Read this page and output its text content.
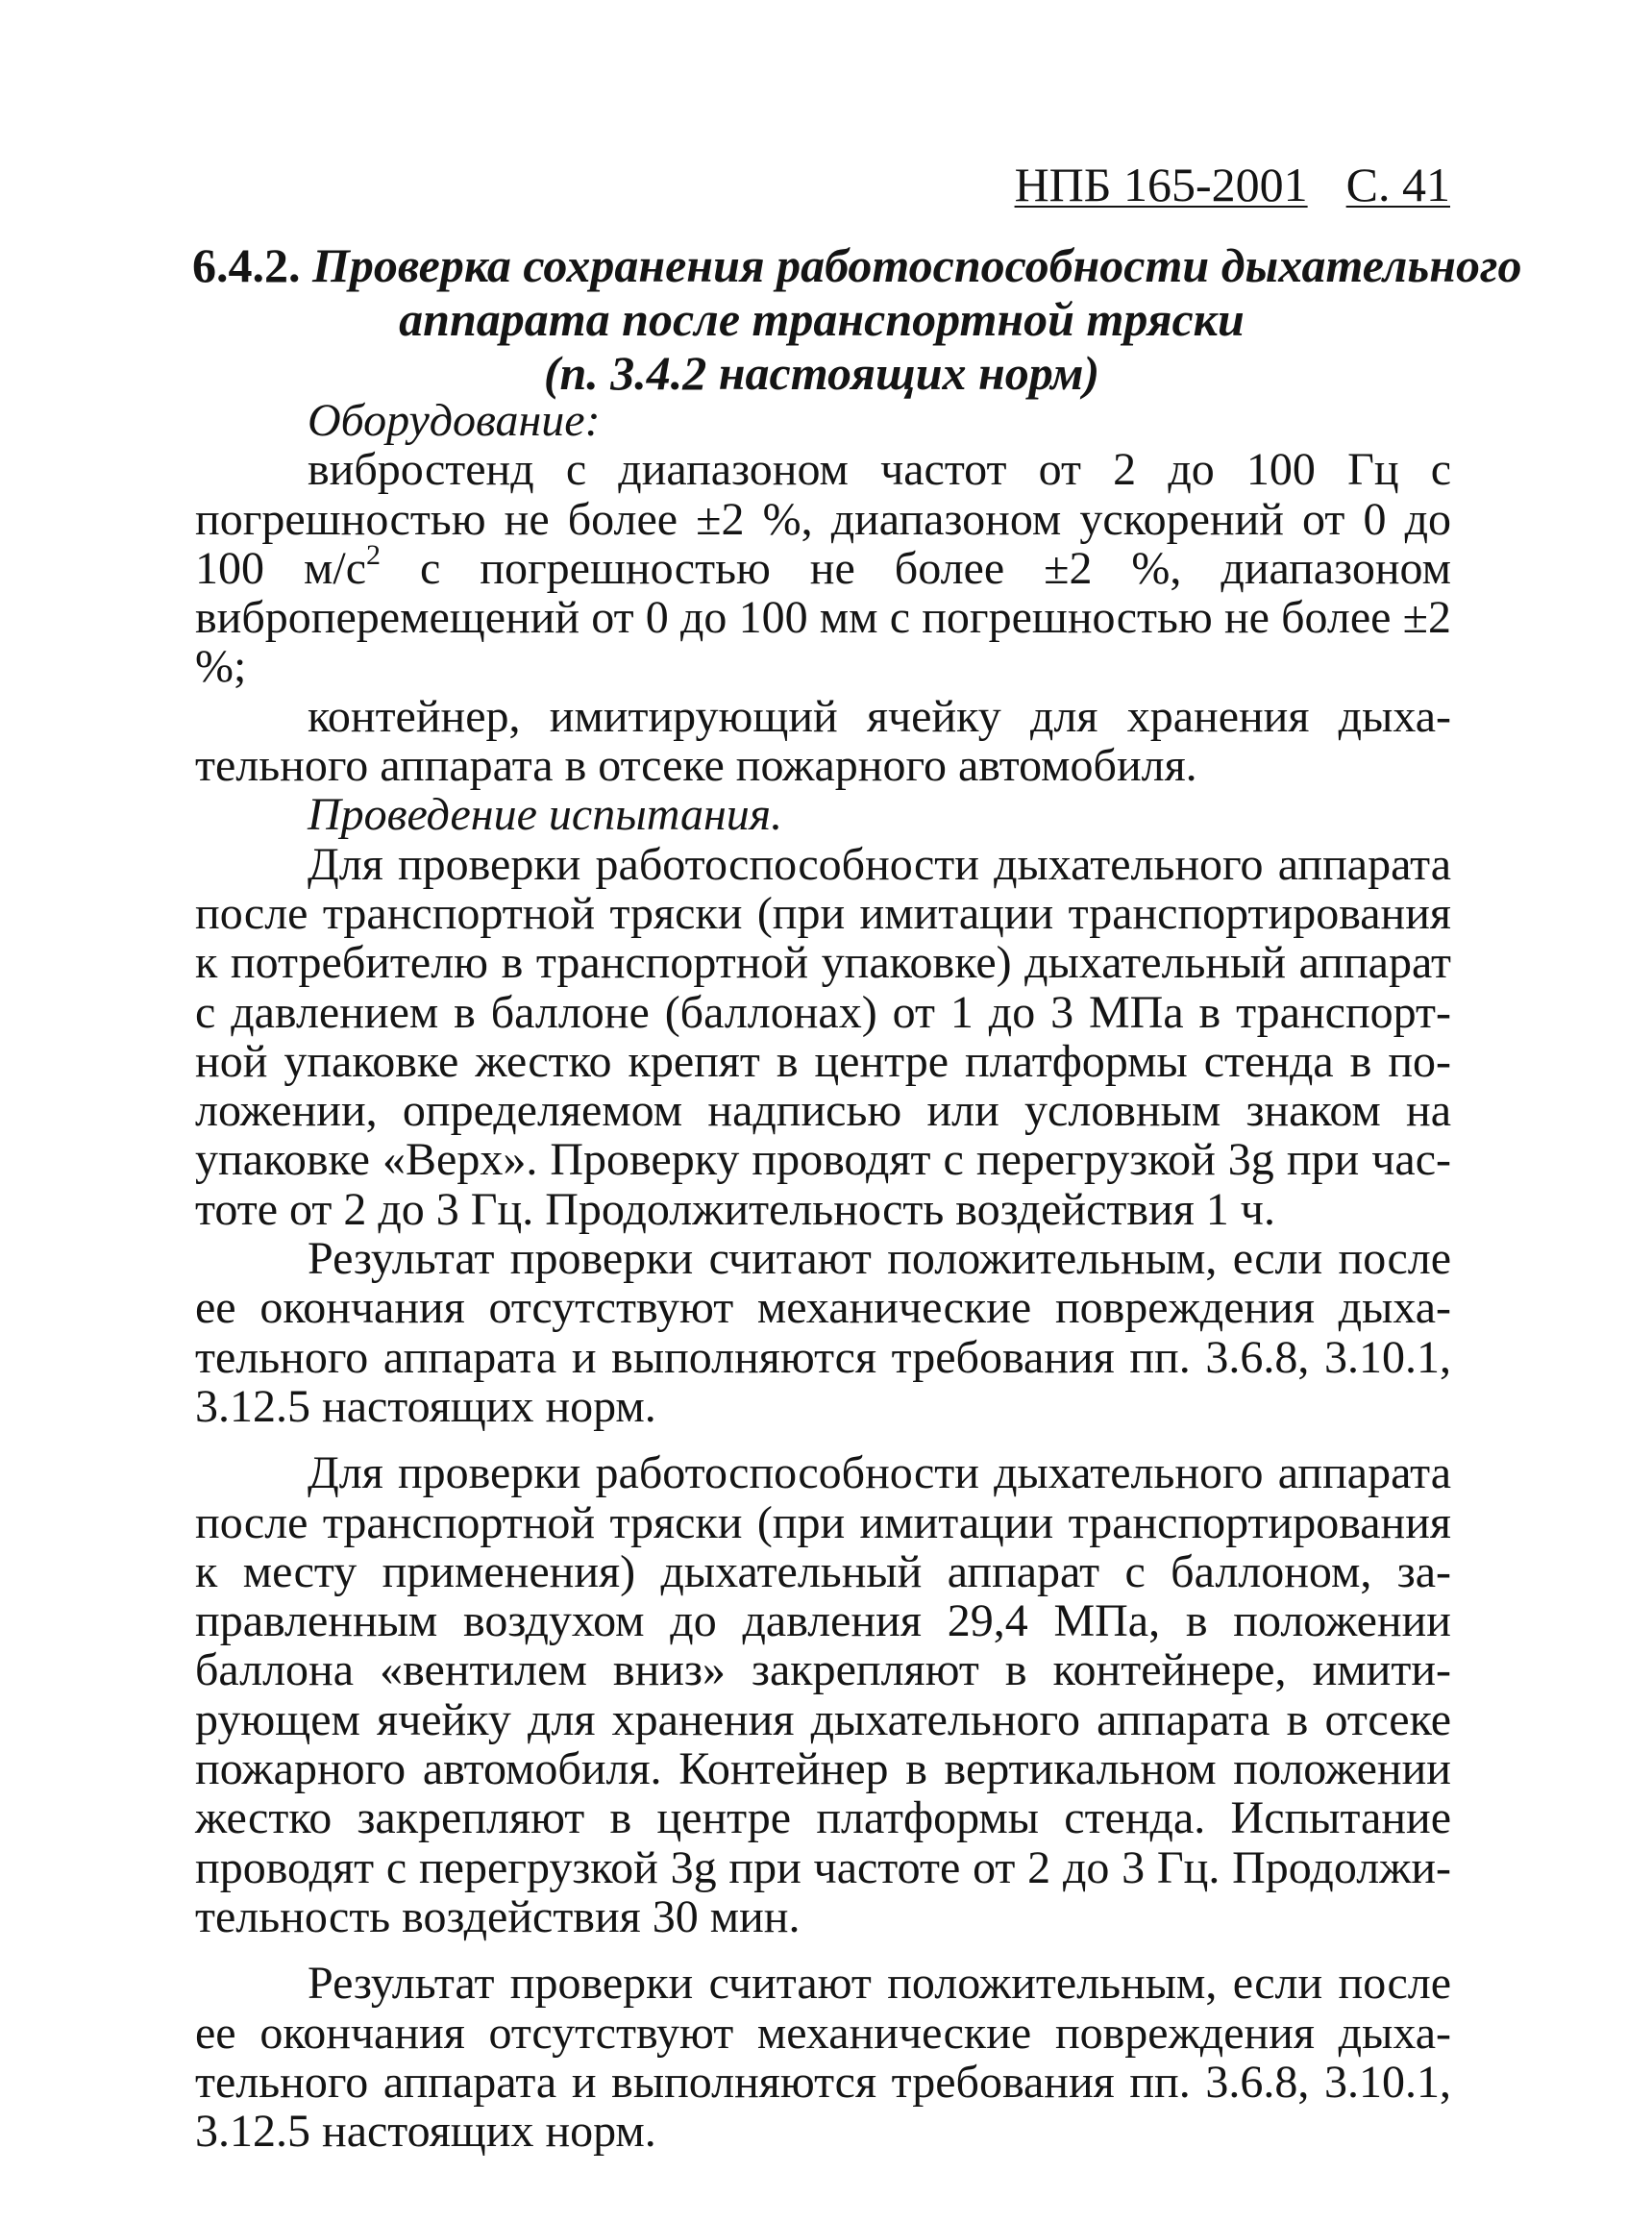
НПБ 165-2001 С. 41
6.4.2. Проверка сохранения работоспособности дыхательного
аппарата после транспортной тряски
(п. 3.4.2 настоящих норм)

Оборудование:

вибростенд с диапазоном частот от 2 до 100 Гц с погрешностью не более ±2 %, диапазоном ускорений от 0 до 100 $м/с^2$ с погрешностью не более ±2 %, диапазоном виброперемещений от 0 до 100 мм с погрешностью не более ±2 %;

контейнер, имитирующий ячейку для хранения дыхательного аппарата в отсеке пожарного автомобиля.

Проведение испытания.

Для проверки работоспособности дыхательного аппарата после транспортной тряски (при имитации транспортирования к потребителю в транспортной упаковке) дыхательный аппарат с давлением в баллоне (баллонах) от 1 до 3 МПа в транспортной упаковке жестко крепят в центре платформы стенда в положении, определяемом надписью или условным знаком на упаковке «Верх». Проверку проводят с перегрузкой 3g при частоте от 2 до 3 Гц. Продолжительность воздействия 1 ч.

Результат проверки считают положительным, если после ее окончания отсутствуют механические повреждения дыхательного аппарата и выполняются требования пп. 3.6.8, 3.10.1, 3.12.5 настоящих норм.

Для проверки работоспособности дыхательного аппарата после транспортной тряски (при имитации транспортирования к месту применения) дыхательный аппарат с баллоном, заправленным воздухом до давления 29,4 МПа, в положении баллона «вентилем вниз» закрепляют в контейнере, имитирующем ячейку для хранения дыхательного аппарата в отсеке пожарного автомобиля. Контейнер в вертикальном положении жестко закрепляют в центре платформы стенда. Испытание проводят с перегрузкой 3g при частоте от 2 до 3 Гц. Продолжительность воздействия 30 мин.

Результат проверки считают положительным, если после ее окончания отсутствуют механические повреждения дыхательного аппарата и выполняются требования пп. 3.6.8, 3.10.1, 3.12.5 настоящих норм.
